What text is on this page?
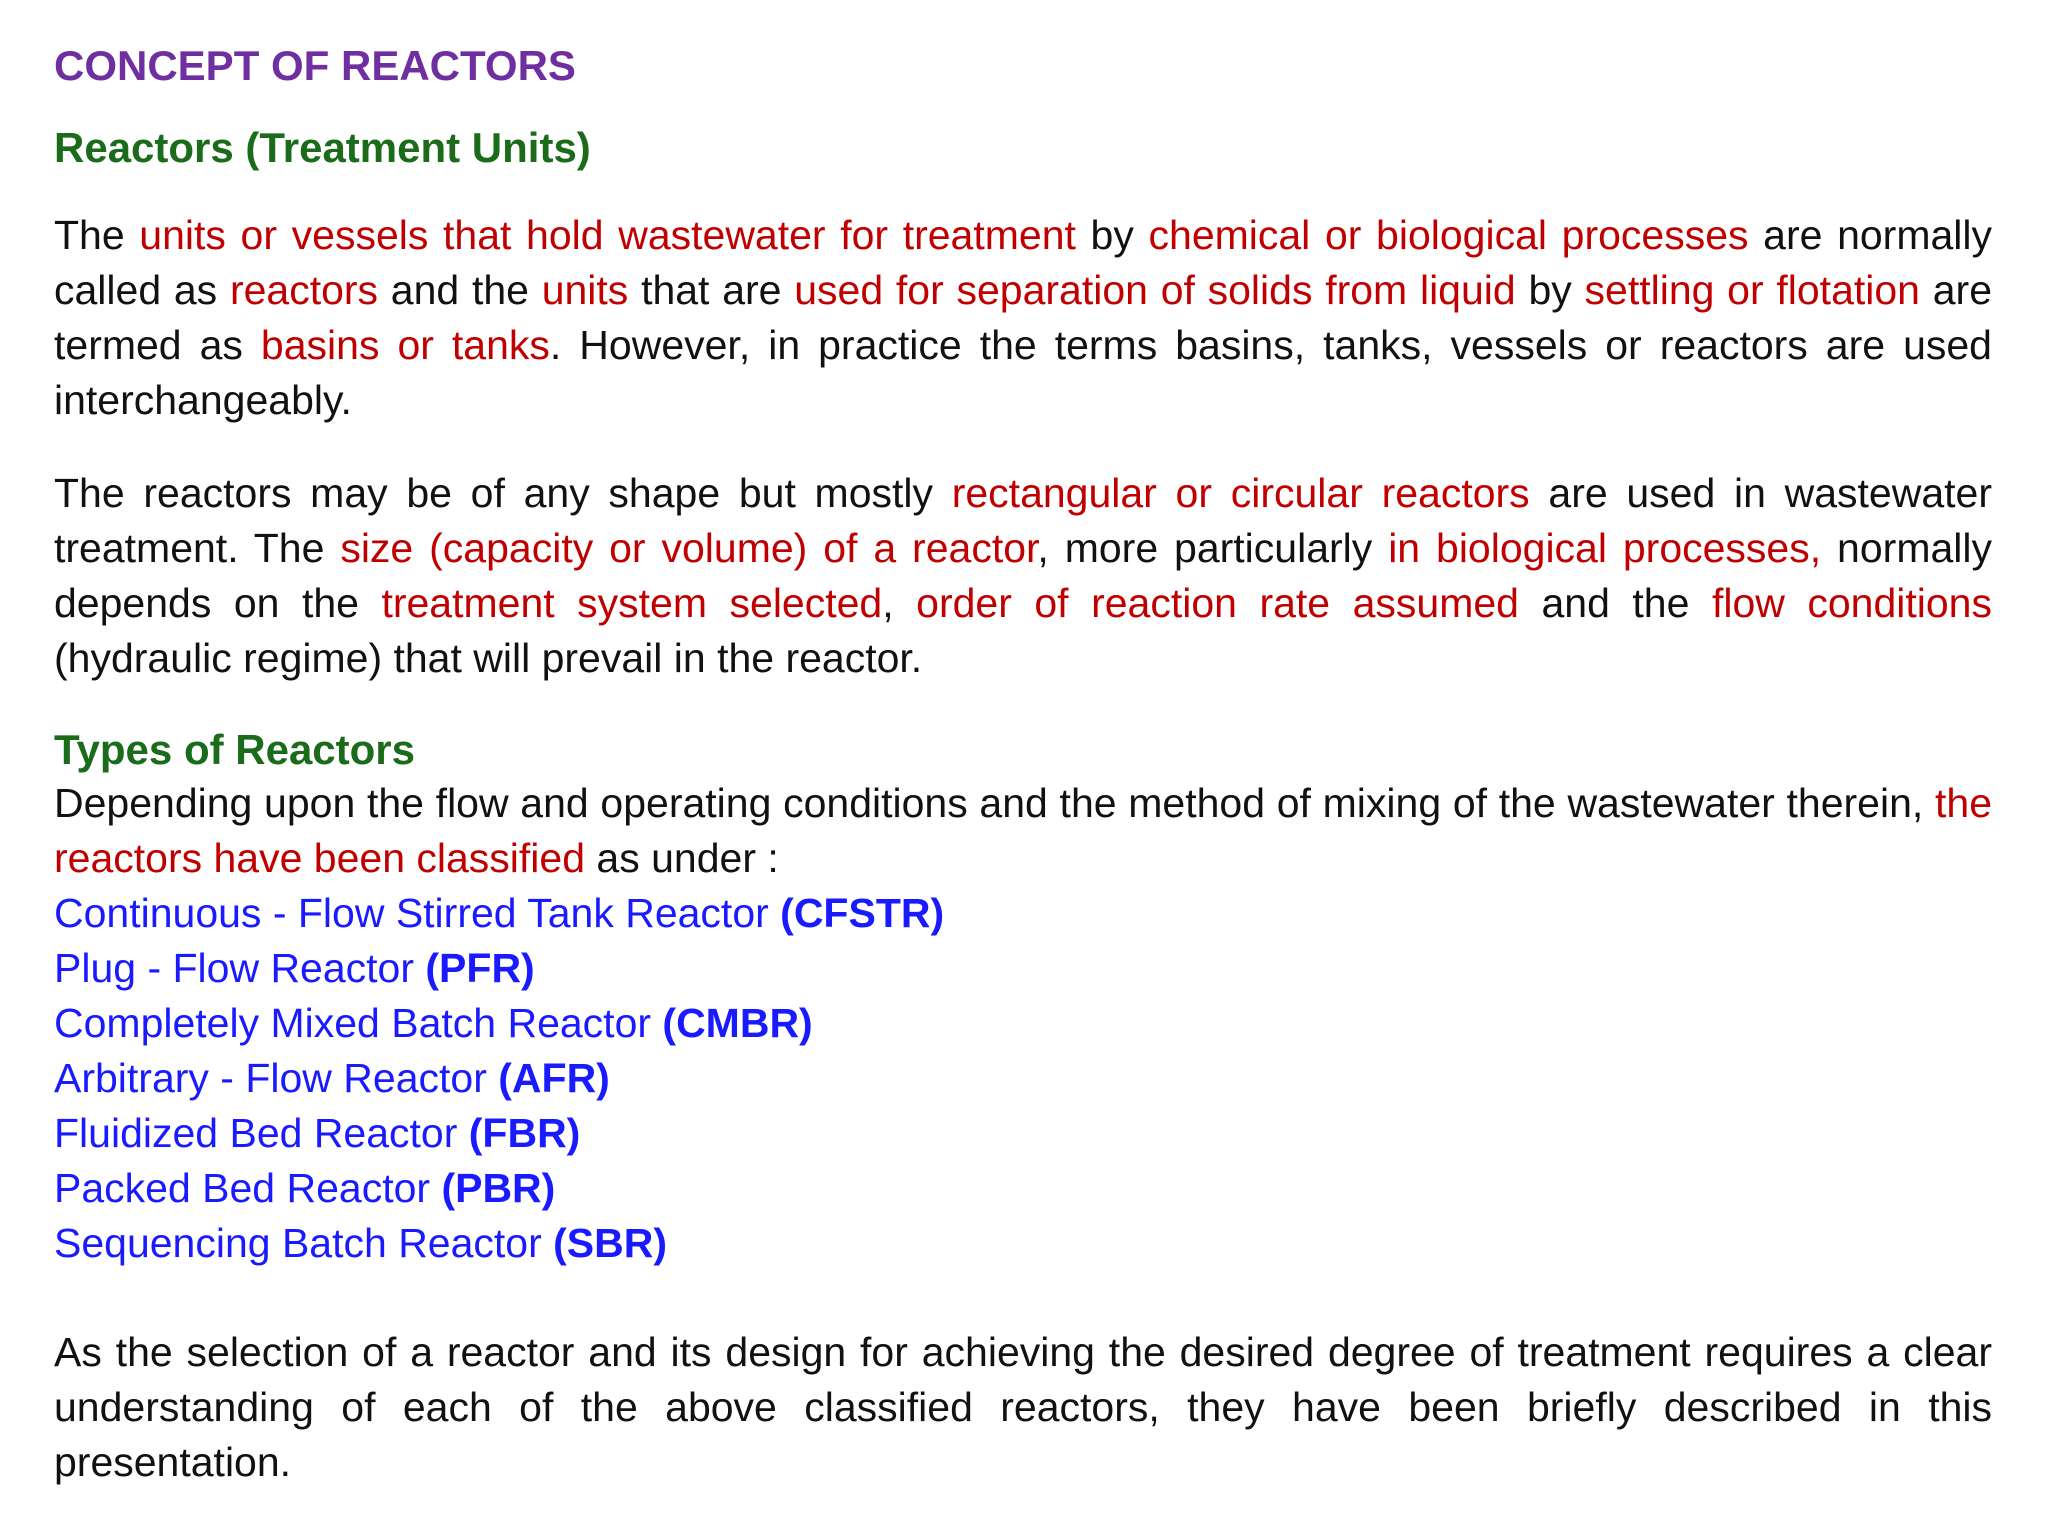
CONCEPT OF REACTORS
Reactors (Treatment Units)

The units or vessels that hold wastewater for treatment by chemical or biological processes are normally called as reactors and the units that are used for separation of solids from liquid by settling or flotation are termed as basins or tanks. However, in practice the terms basins, tanks, vessels or reactors are used interchangeably.

The reactors may be of any shape but mostly rectangular or circular reactors are used in wastewater treatment. The size (capacity or volume) of a reactor, more particularly in biological processes, normally depends on the treatment system selected, order of reaction rate assumed and the flow conditions (hydraulic regime) that will prevail in the reactor.

Types of Reactors

Depending upon the flow and operating conditions and the method of mixing of the wastewater therein, the reactors have been classified as under :

Continuous - Flow Stirred Tank Reactor (CFSTR)
Plug - Flow Reactor (PFR)
Completely Mixed Batch Reactor (CMBR)
Arbitrary - Flow Reactor (AFR)
Fluidized Bed Reactor (FBR)
Packed Bed Reactor (PBR)
Sequencing Batch Reactor (SBR)

As the selection of a reactor and its design for achieving the desired degree of treatment requires a clear understanding of each of the above classified reactors, they have been briefly described in this presentation.
